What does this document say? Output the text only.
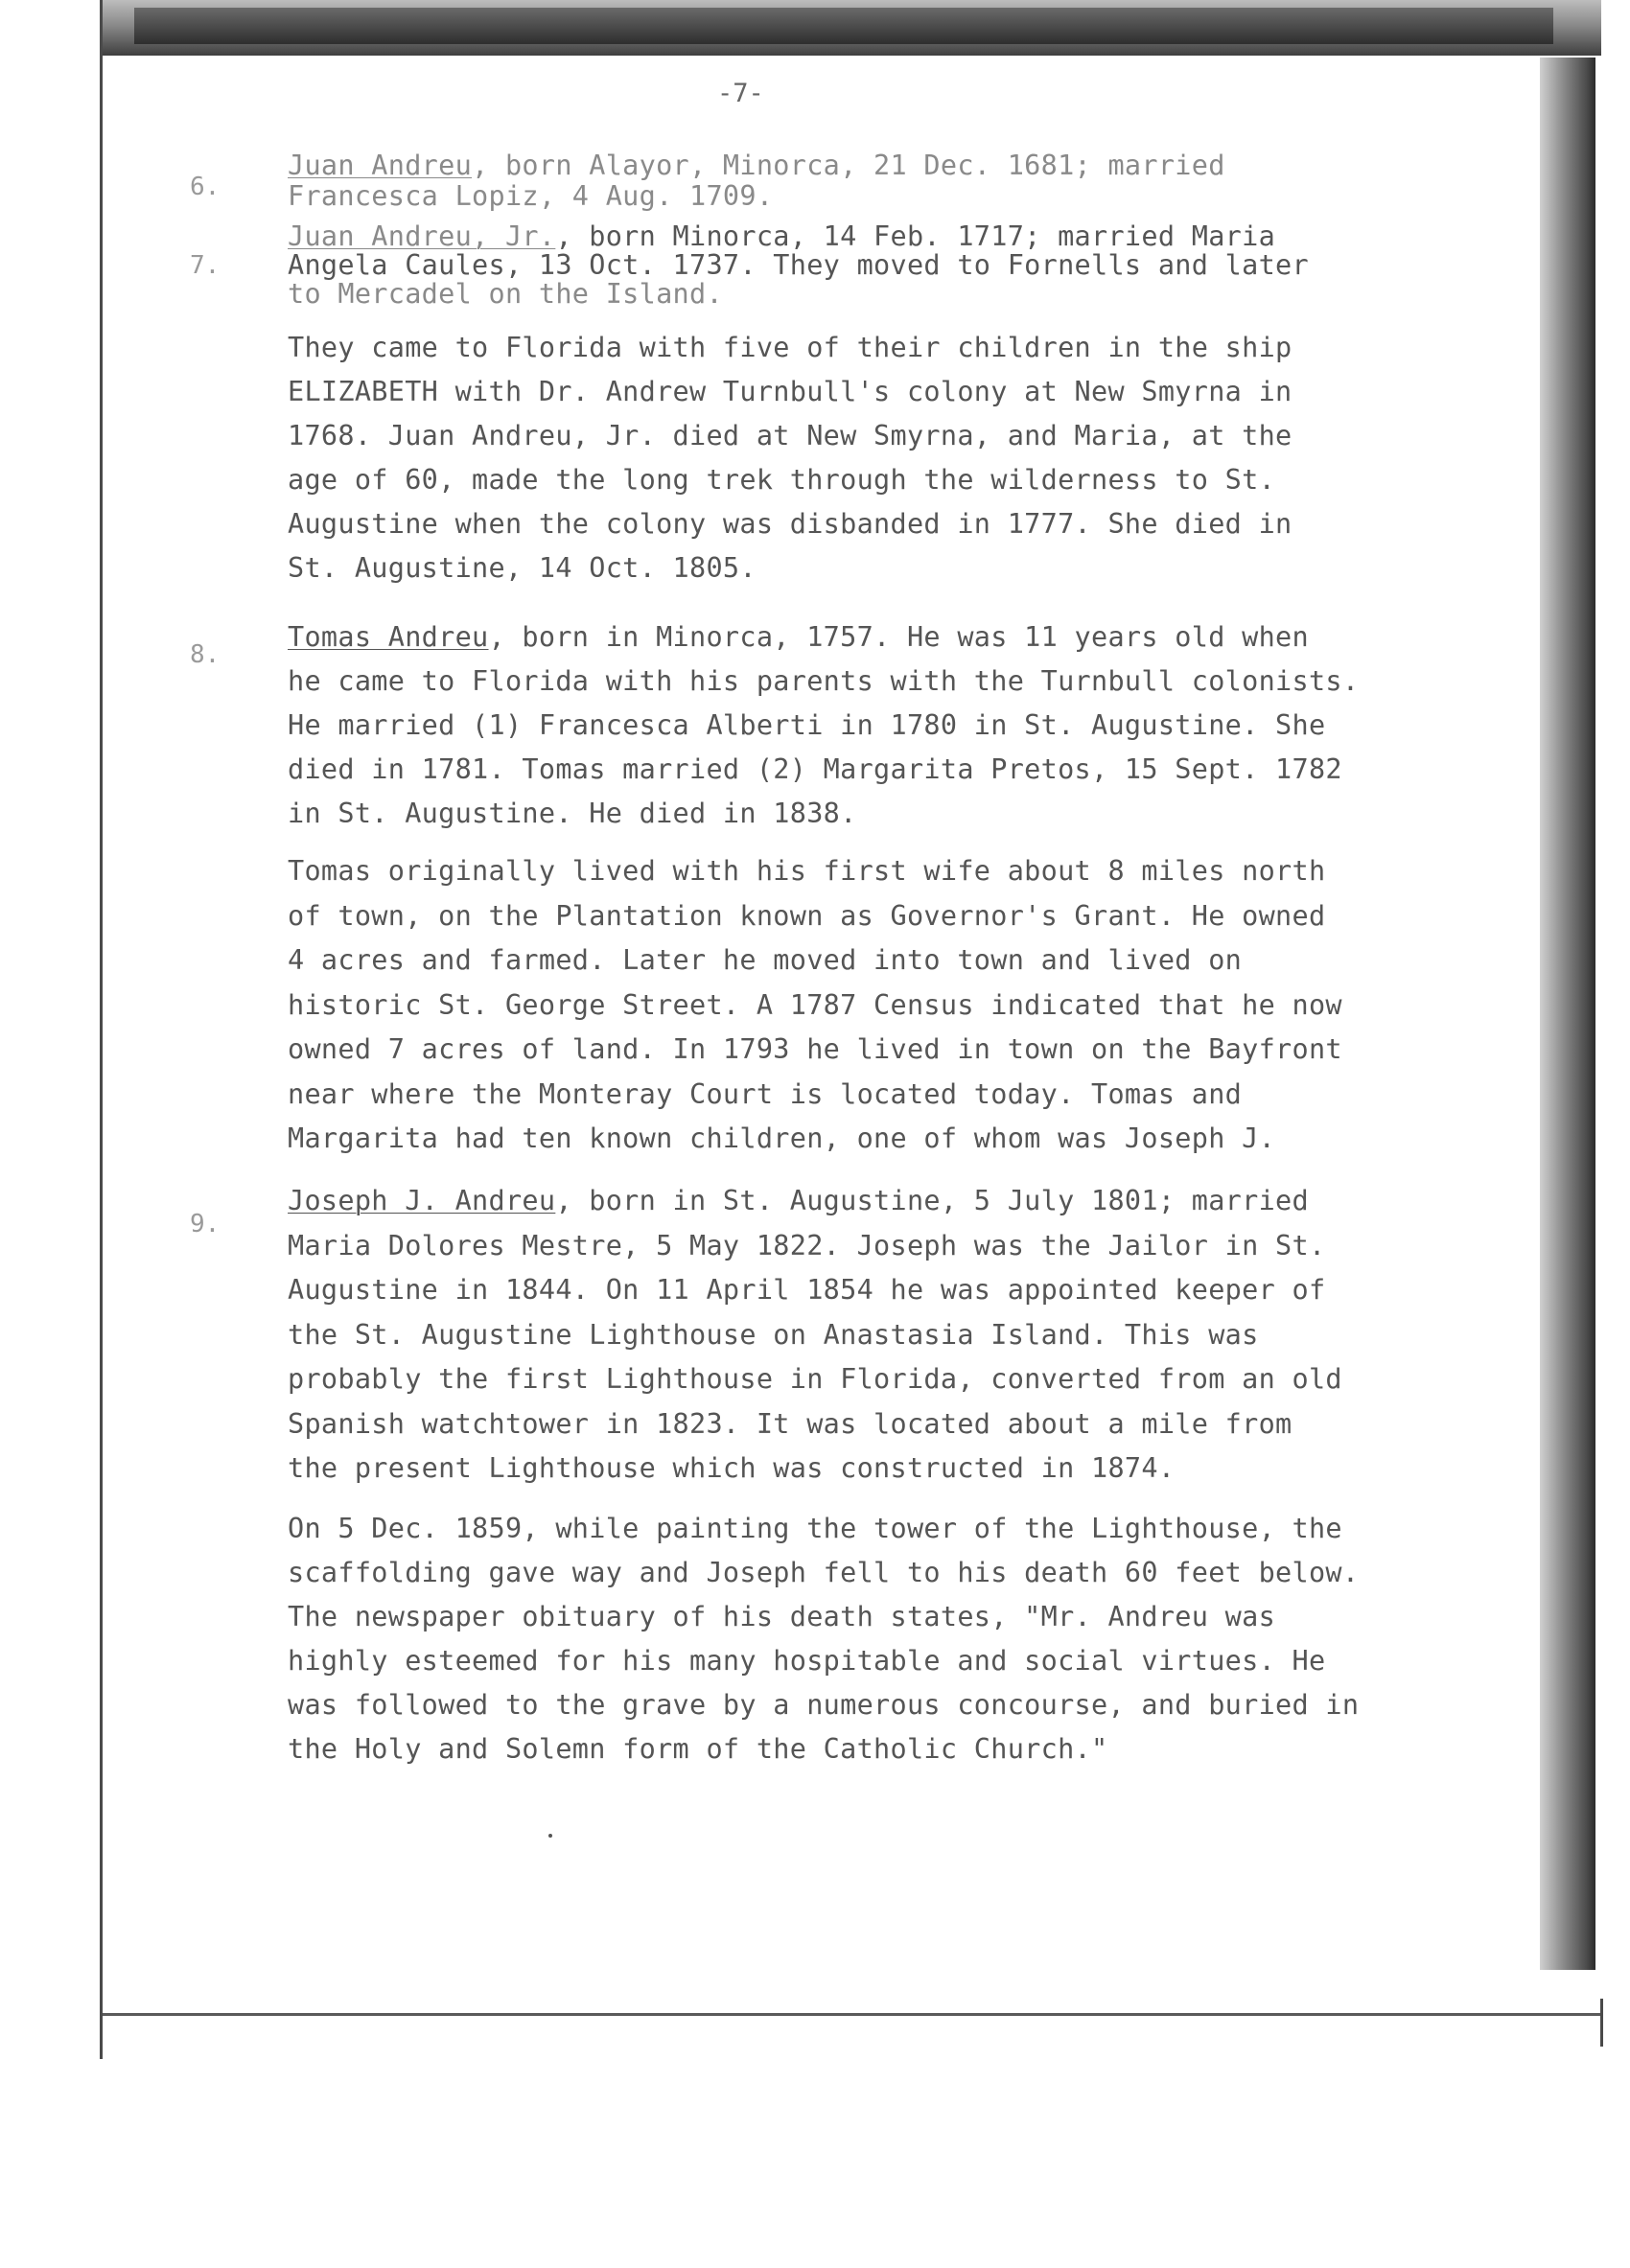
-7-
6.
Juan Andreu, born Alayor, Minorca, 21 Dec. 1681; married
Francesca Lopiz, 4 Aug. 1709.
7.
Juan Andreu, Jr., born Minorca, 14 Feb. 1717; married Maria
Angela Caules, 13 Oct. 1737. They moved to Fornells and later
to Mercadel on the Island.
They came to Florida with five of their children in the ship
ELIZABETH with Dr. Andrew Turnbull's colony at New Smyrna in
1768. Juan Andreu, Jr. died at New Smyrna, and Maria, at the
age of 60, made the long trek through the wilderness to St.
Augustine when the colony was disbanded in 1777. She died in
St. Augustine, 14 Oct. 1805.
8.
Tomas Andreu, born in Minorca, 1757. He was 11 years old when
he came to Florida with his parents with the Turnbull colonists.
He married (1) Francesca Alberti in 1780 in St. Augustine. She
died in 1781. Tomas married (2) Margarita Pretos, 15 Sept. 1782
in St. Augustine. He died in 1838.
Tomas originally lived with his first wife about 8 miles north
of town, on the Plantation known as Governor's Grant. He owned
4 acres and farmed. Later he moved into town and lived on
historic St. George Street. A 1787 Census indicated that he now
owned 7 acres of land. In 1793 he lived in town on the Bayfront
near where the Monteray Court is located today. Tomas and
Margarita had ten known children, one of whom was Joseph J.
9.
Joseph J. Andreu, born in St. Augustine, 5 July 1801; married
Maria Dolores Mestre, 5 May 1822. Joseph was the Jailor in St.
Augustine in 1844. On 11 April 1854 he was appointed keeper of
the St. Augustine Lighthouse on Anastasia Island. This was
probably the first Lighthouse in Florida, converted from an old
Spanish watchtower in 1823. It was located about a mile from
the present Lighthouse which was constructed in 1874.
On 5 Dec. 1859, while painting the tower of the Lighthouse, the
scaffolding gave way and Joseph fell to his death 60 feet below.
The newspaper obituary of his death states, "Mr. Andreu was
highly esteemed for his many hospitable and social virtues. He
was followed to the grave by a numerous concourse, and buried in
the Holy and Solemn form of the Catholic Church."
